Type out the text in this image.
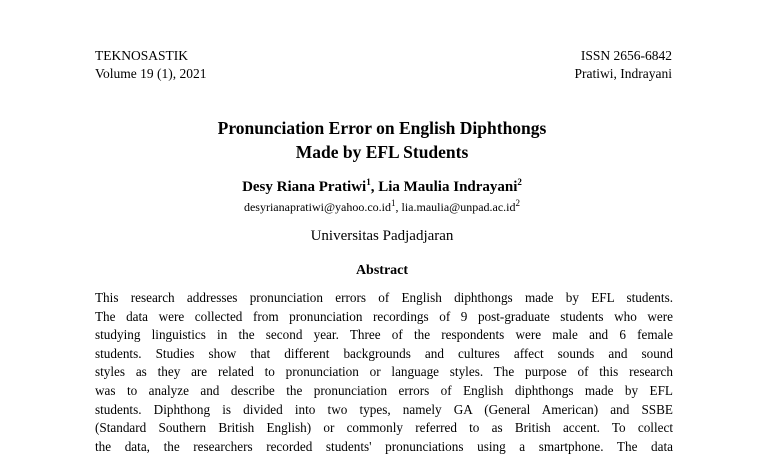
TEKNOSASTIK
Volume 19 (1), 2021
ISSN 2656-6842
Pratiwi, Indrayani
Pronunciation Error on English Diphthongs
Made by EFL Students
Desy Riana Pratiwi$^1$, Lia Maulia Indrayani$^2$
$desyrianapratiwi@yahoo.co.id^1$, $lia.maulia@unpad.ac.id^2$
Universitas Padjadjaran
Abstract
This research addresses pronunciation errors of English diphthongs made by EFL students.
The data were collected from pronunciation recordings of 9 post-graduate students who were
studying linguistics in the second year. Three of the respondents were male and 6 female
students. Studies show that different backgrounds and cultures affect sounds and sound
styles as they are related to pronunciation or language styles. The purpose of this research
was to analyze and describe the pronunciation errors of English diphthongs made by EFL
students. Diphthong is divided into two types, namely GA (General American) and SSBE
(Standard Southern British English) or commonly referred to as British accent. To collect
the data, the researchers recorded students' pronunciations using a smartphone. The data
